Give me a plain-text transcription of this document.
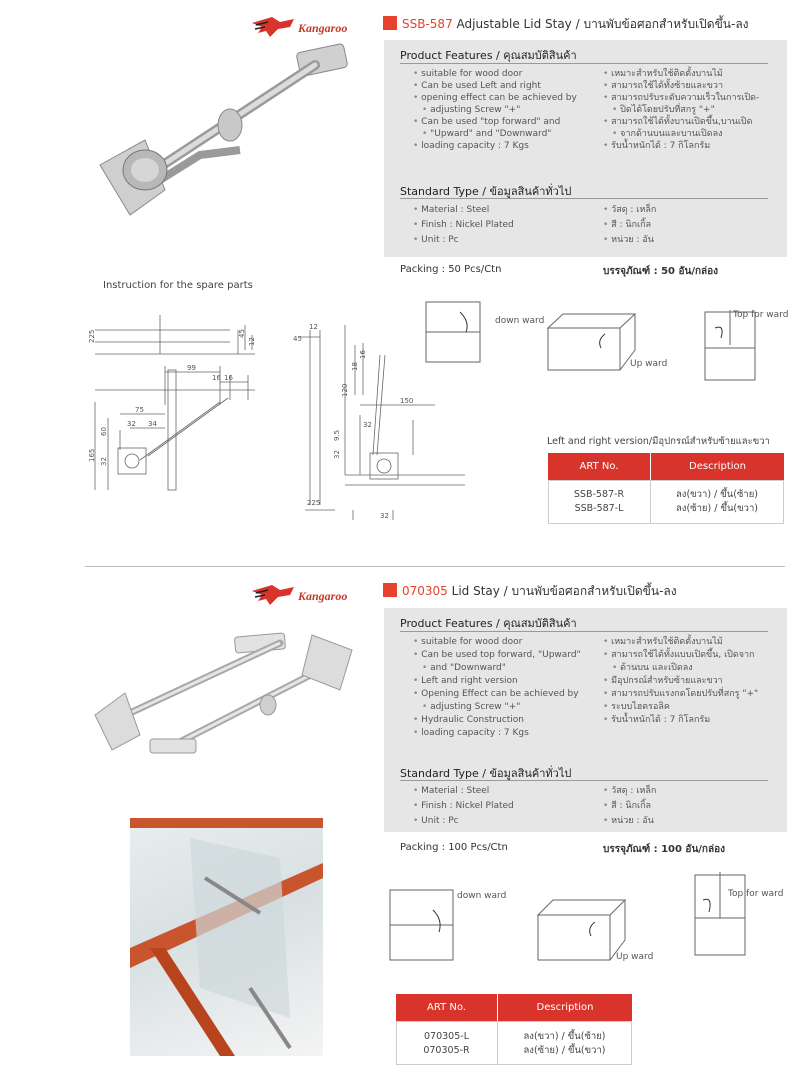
Kangaroo	SSB-587 Adjustable Lid Stay / บานพับข้อศอกสำหรับเปิดขึ้น-ลง
Product Features / คุณสมบัติสินค้า
• suitable for wood door
• Can be used Left and right
• opening effect can be achieved by
• adjusting Screw "+"
• Can be used "top forward" and
• "Upward" and "Downward"
• loading capacity : 7 Kgs
• เหมาะสำหรับใช้ติดตั้งบานไม้
• สามารถใช้ได้ทั้งซ้ายและขวา
• สามารถปรับระดับความเร็วในการเปิด-
• ปิดได้โดยปรับที่สกรู "+"
• สามารถใช้ได้ทั้งบานเปิดขึ้น,บานเปิด
• จากด้านบนและบานเปิดลง
• รับน้ำหนักได้ : 7 กิโลกรัม
Standard Type / ข้อมูลสินค้าทั่วไป
• Material : Steel
• Finish : Nickel Plated
• Unit : Pc
• วัสดุ : เหล็ก
• สี : นิกเกิ้ล
• หน่วย : อัน
Packing : 50 Pcs/Ctn	บรรจุภัณฑ์ : 50 อัน/กล่อง
Instruction for the spare parts
225	45
12
99
16 16
75
32 34
60
165 32
12
45
18
16
150
120
32
32
9.5
225
32
down ward
Up ward
Top for ward
Left and right version/มีอุปกรณ์สำหรับซ้ายและขวา
ART No.	Description
SSB-587-R	ลง(ขวา) / ขึ้น(ซ้าย)
SSB-587-L	ลง(ซ้าย) / ขึ้น(ขวา)
Kangaroo	070305 Lid Stay / บานพับข้อศอกสำหรับเปิดขึ้น-ลง
Product Features / คุณสมบัติสินค้า
• suitable for wood door
• Can be used top forward, "Upward"
• and "Downward"
• Left and right version
• Opening Effect can be achieved by
• adjusting Screw "+"
• Hydraulic Construction
• loading capacity : 7 Kgs
• เหมาะสำหรับใช้ติดตั้งบานไม้
• สามารถใช้ได้ทั้งแบบเปิดขึ้น, เปิดจาก
• ด้านบน และเปิดลง
• มีอุปกรณ์สำหรับซ้ายและขวา
• สามารถปรับแรงกดโดยปรับที่สกรู "+"
• ระบบไฮดรอลิค
• รับน้ำหนักได้ : 7 กิโลกรัม
Standard Type / ข้อมูลสินค้าทั่วไป
• Material : Steel
• Finish : Nickel Plated
• Unit : Pc
• วัสดุ : เหล็ก
• สี : นิกเกิ้ล
• หน่วย : อัน
Packing : 100 Pcs/Ctn	บรรจุภัณฑ์ : 100 อัน/กล่อง
down ward
Up ward
Top for ward
ART No.	Description
070305-L	ลง(ขวา) / ขึ้น(ซ้าย)
070305-R	ลง(ซ้าย) / ขึ้น(ขวา)
